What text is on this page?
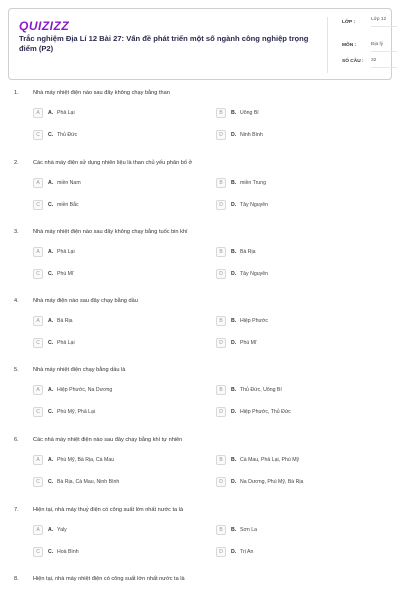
QUIZIZZ
Trắc nghiệm Địa Lí 12 Bài 27: Vấn đề phát triển một số ngành công nghiệp trọng điểm (P2)
LỚP :
Lớp 12
MÔN :	Địa lý
SỐ CÂU : 32
1.	Nhà máy nhiệt điện nào sau đây không chạy bằng than
A	A. Phả Lại	B	B. Uông Bí
C	C. Thủ Đức	D	D. Ninh Bình
2.	Các nhà máy điện sử dụng nhiên liệu là than chủ yếu phân bố ở
A	A. miền Nam	B	B. miền Trung
C	C. miền Bắc	D	D. Tây Nguyên
3.	Nhà máy nhiệt điện nào sau đây không chạy bằng tuốc bin khí
A	A. Phả Lại	B	B. Bà Rịa
C	C. Phú Mĩ	D	D. Tây Nguyên
4.	Nhà máy điện nào sau đây chạy bằng dầu
A	A. Bà Rịa	B	B. Hiệp Phước
C	C. Phả Lại	D	D. Phú Mĩ
5.	Nhà máy nhiệt điện chạy bằng dầu là
A	A. Hiệp Phước, Na Dương	B	B. Thủ Đức, Uông Bí
C	C. Phú Mỹ, Phả Lại	D	D. Hiệp Phước, Thủ Đức
6.	Các nhà máy nhiệt điện nào sau đây chạy bằng khí tự nhiên
A	A. Phú Mỹ, Bà Rịa, Cà Mau	B	B. Cà Mau, Phả Lại, Phú Mỹ
C	C. Bà Rịa, Cà Mau, Ninh Bình	D	D. Na Dương, Phú Mỹ, Bà Rịa
7.	Hiện tại, nhà máy thuỷ điện có công suất lớn nhất nước ta là
A	A. Yaly	B	B. Sơn La
C	C. Hoà Bình	D	D. Trị An
8.	Hiện tại, nhà máy nhiệt điện có công suất lớn nhất nước ta là
